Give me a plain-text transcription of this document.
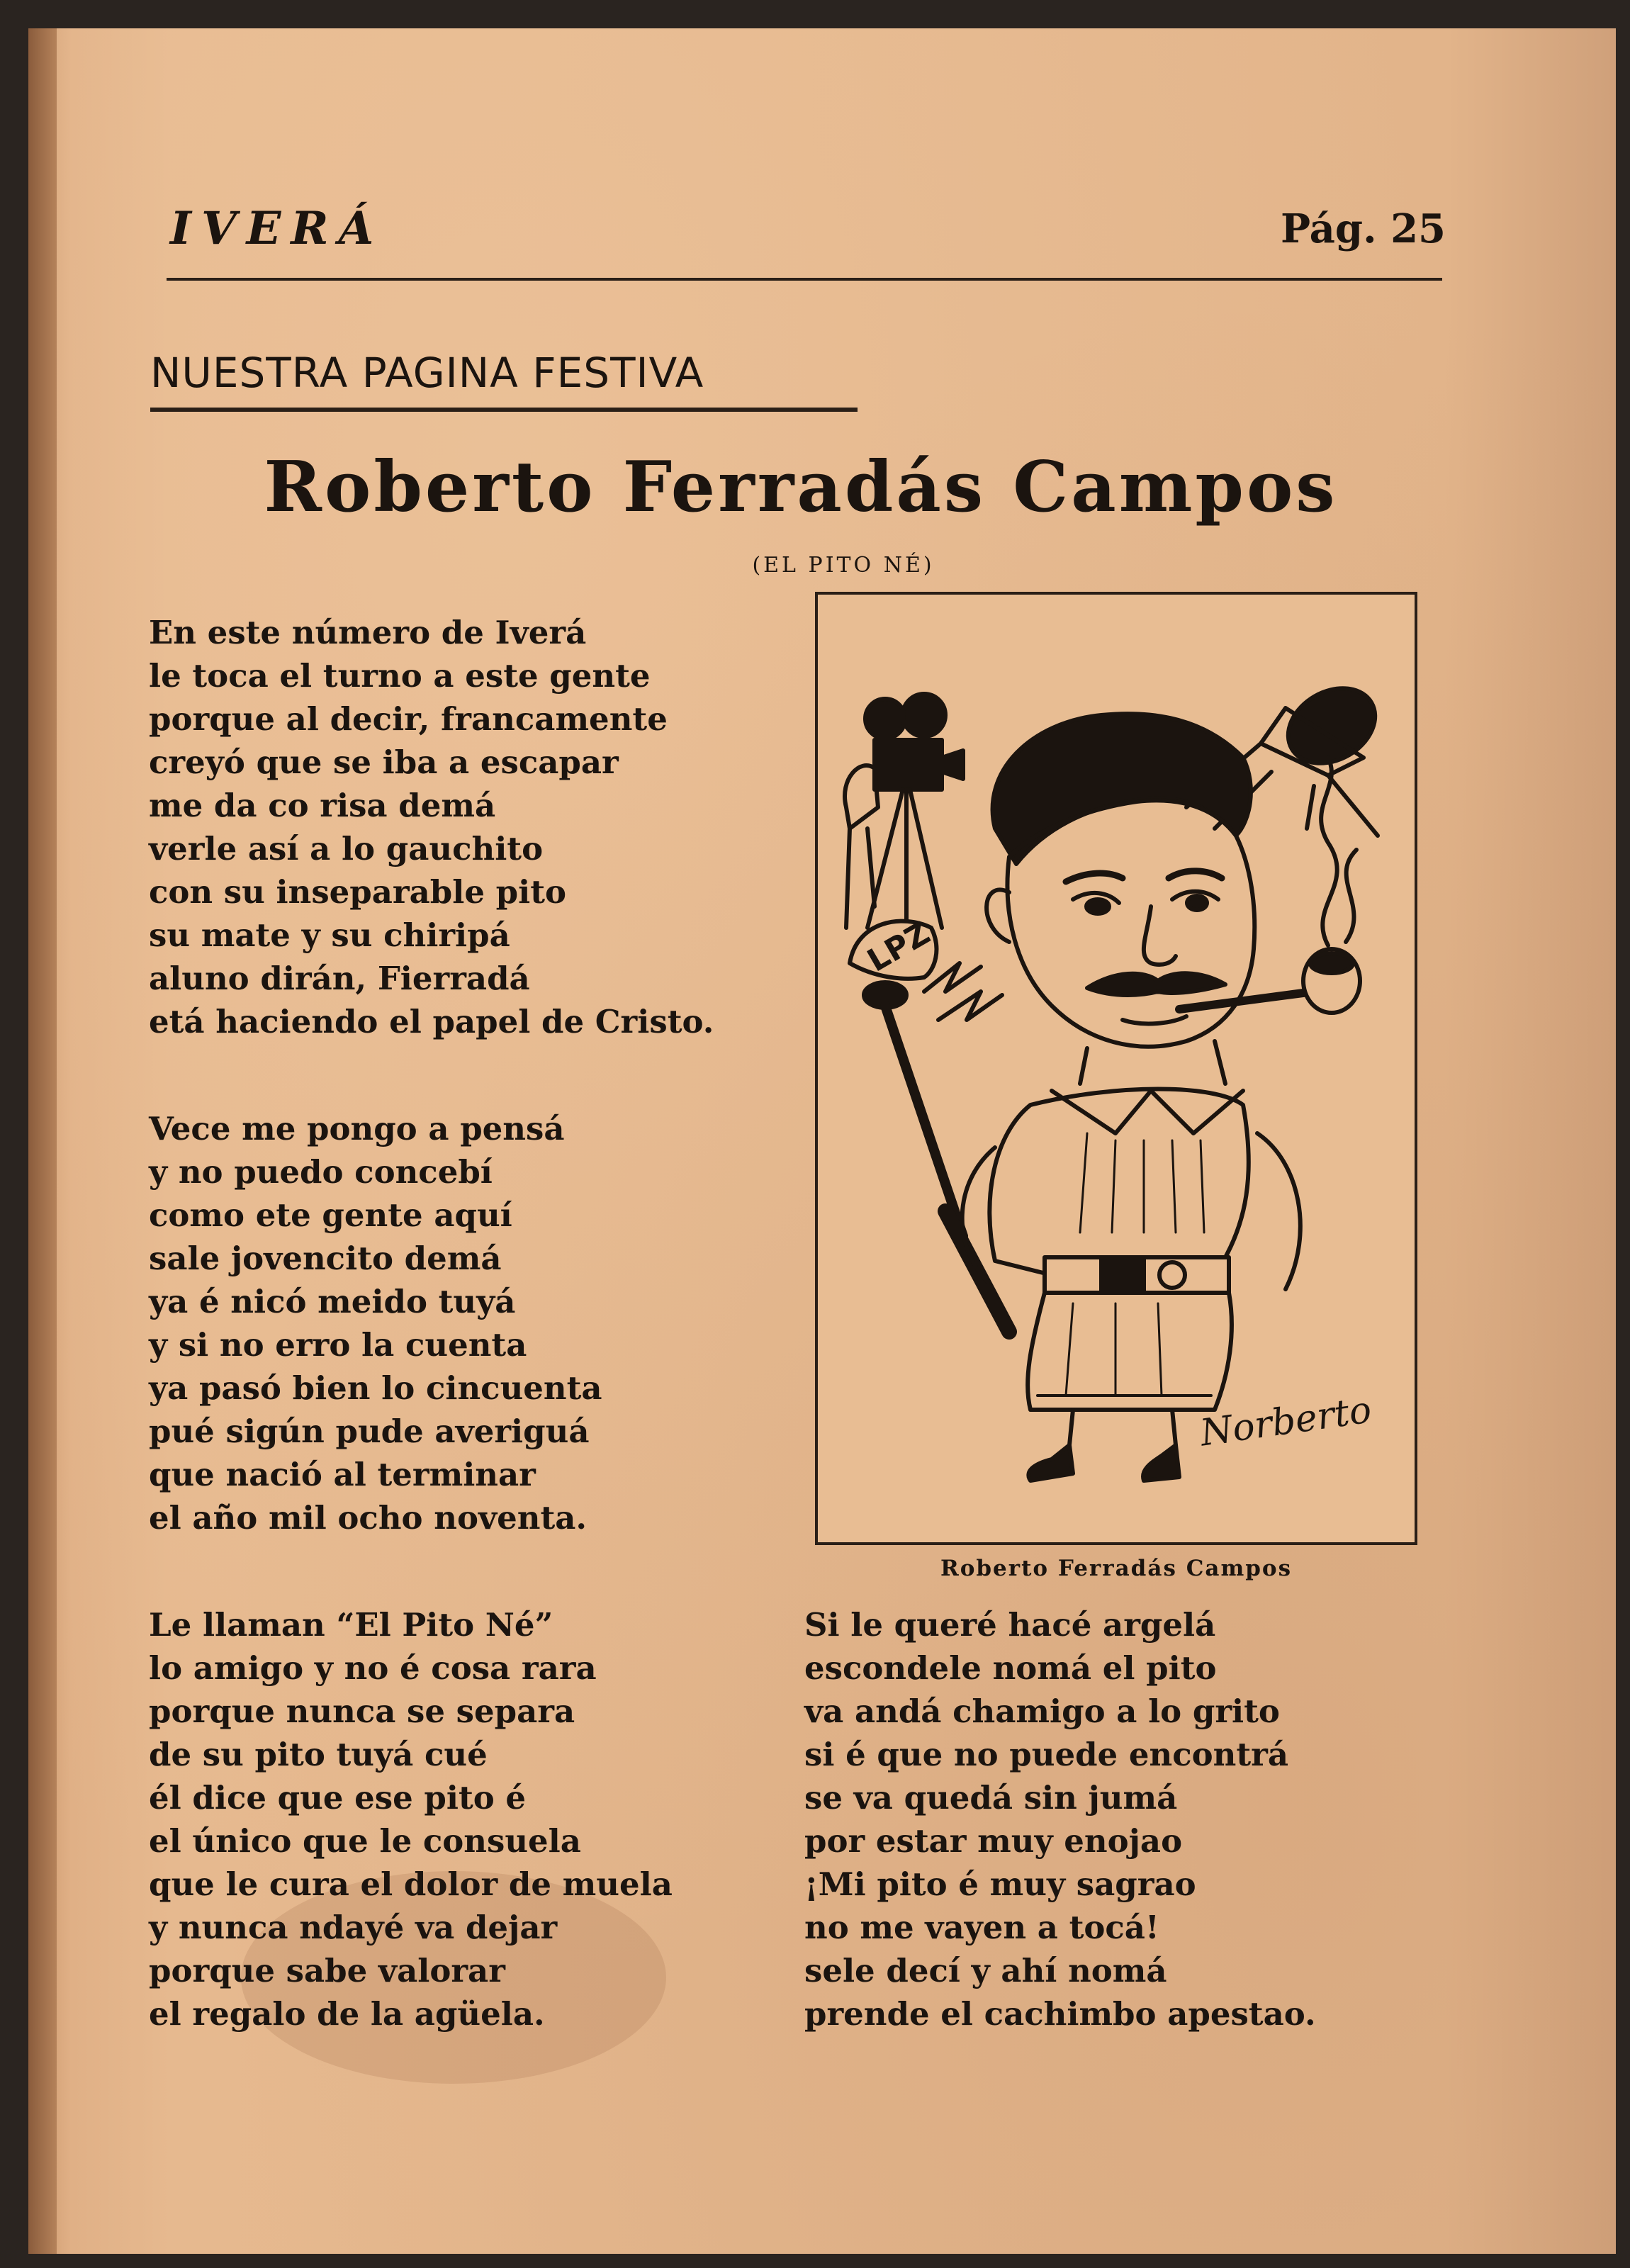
IVERÁ	Pág. 25
NUESTRA PAGINA FESTIVA
Roberto Ferradás Campos
(EL PITO NÉ)
En este número de Iverá
le toca el turno a este gente
porque al decir, francamente
creyó que se iba a escapar
me da co risa demá
verle así a lo gauchito
con su inseparable pito
su mate y su chiripá
aluno dirán, Fierradá
etá haciendo el papel de Cristo.
Vece me pongo a pensá
y no puedo concebí
como ete gente aquí
sale jovencito demá
ya é nicó meido tuyá
y si no erro la cuenta
ya pasó bien lo cincuenta
pué sigún pude averiguá
que nació al terminar
el año mil ocho noventa.
Le llaman “El Pito Né”
lo amigo y no é cosa rara
porque nunca se separa
de su pito tuyá cué
él dice que ese pito é
el único que le consuela
que le cura el dolor de muela
y nunca ndayé va dejar
porque sabe valorar
el regalo de la agüela.
Si le queré hacé argelá
escondele nomá el pito
va andá chamigo a lo grito
si é que no puede encontrá
se va quedá sin jumá
por estar muy enojao
¡Mi pito é muy sagrao
no me vayen a tocá!
sele decí y ahí nomá
prende el cachimbo apestao.
LPZ
Norberto
Roberto Ferradás Campos
